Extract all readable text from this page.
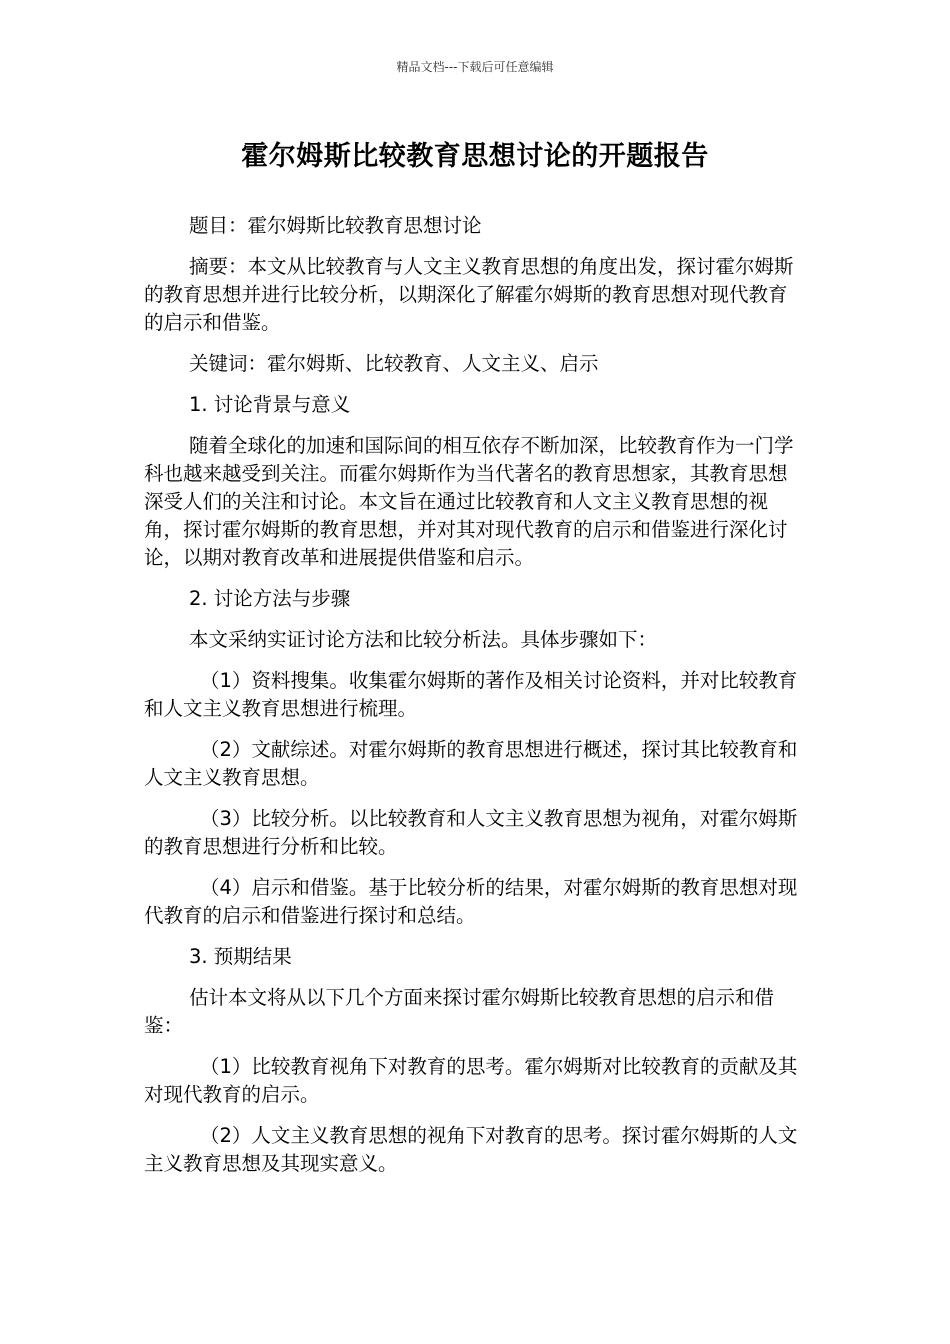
精品文档---下载后可任意编辑
霍尔姆斯比较教育思想讨论的开题报告

题目：霍尔姆斯比较教育思想讨论

摘要：本文从比较教育与人文主义教育思想的角度出发，探讨霍尔姆斯的教育思想并进行比较分析，以期深化了解霍尔姆斯的教育思想对现代教育的启示和借鉴。

关键词：霍尔姆斯、比较教育、人文主义、启示

1. 讨论背景与意义

随着全球化的加速和国际间的相互依存不断加深，比较教育作为一门学科也越来越受到关注。而霍尔姆斯作为当代著名的教育思想家，其教育思想深受人们的关注和讨论。本文旨在通过比较教育和人文主义教育思想的视角，探讨霍尔姆斯的教育思想，并对其对现代教育的启示和借鉴进行深化讨论，以期对教育改革和进展提供借鉴和启示。

2. 讨论方法与步骤

本文采纳实证讨论方法和比较分析法。具体步骤如下：

（1）资料搜集。收集霍尔姆斯的著作及相关讨论资料，并对比较教育和人文主义教育思想进行梳理。

（2）文献综述。对霍尔姆斯的教育思想进行概述，探讨其比较教育和人文主义教育思想。

（3）比较分析。以比较教育和人文主义教育思想为视角，对霍尔姆斯的教育思想进行分析和比较。

（4）启示和借鉴。基于比较分析的结果，对霍尔姆斯的教育思想对现代教育的启示和借鉴进行探讨和总结。

3. 预期结果

估计本文将从以下几个方面来探讨霍尔姆斯比较教育思想的启示和借鉴：

（1）比较教育视角下对教育的思考。霍尔姆斯对比较教育的贡献及其对现代教育的启示。

（2）人文主义教育思想的视角下对教育的思考。探讨霍尔姆斯的人文主义教育思想及其现实意义。
